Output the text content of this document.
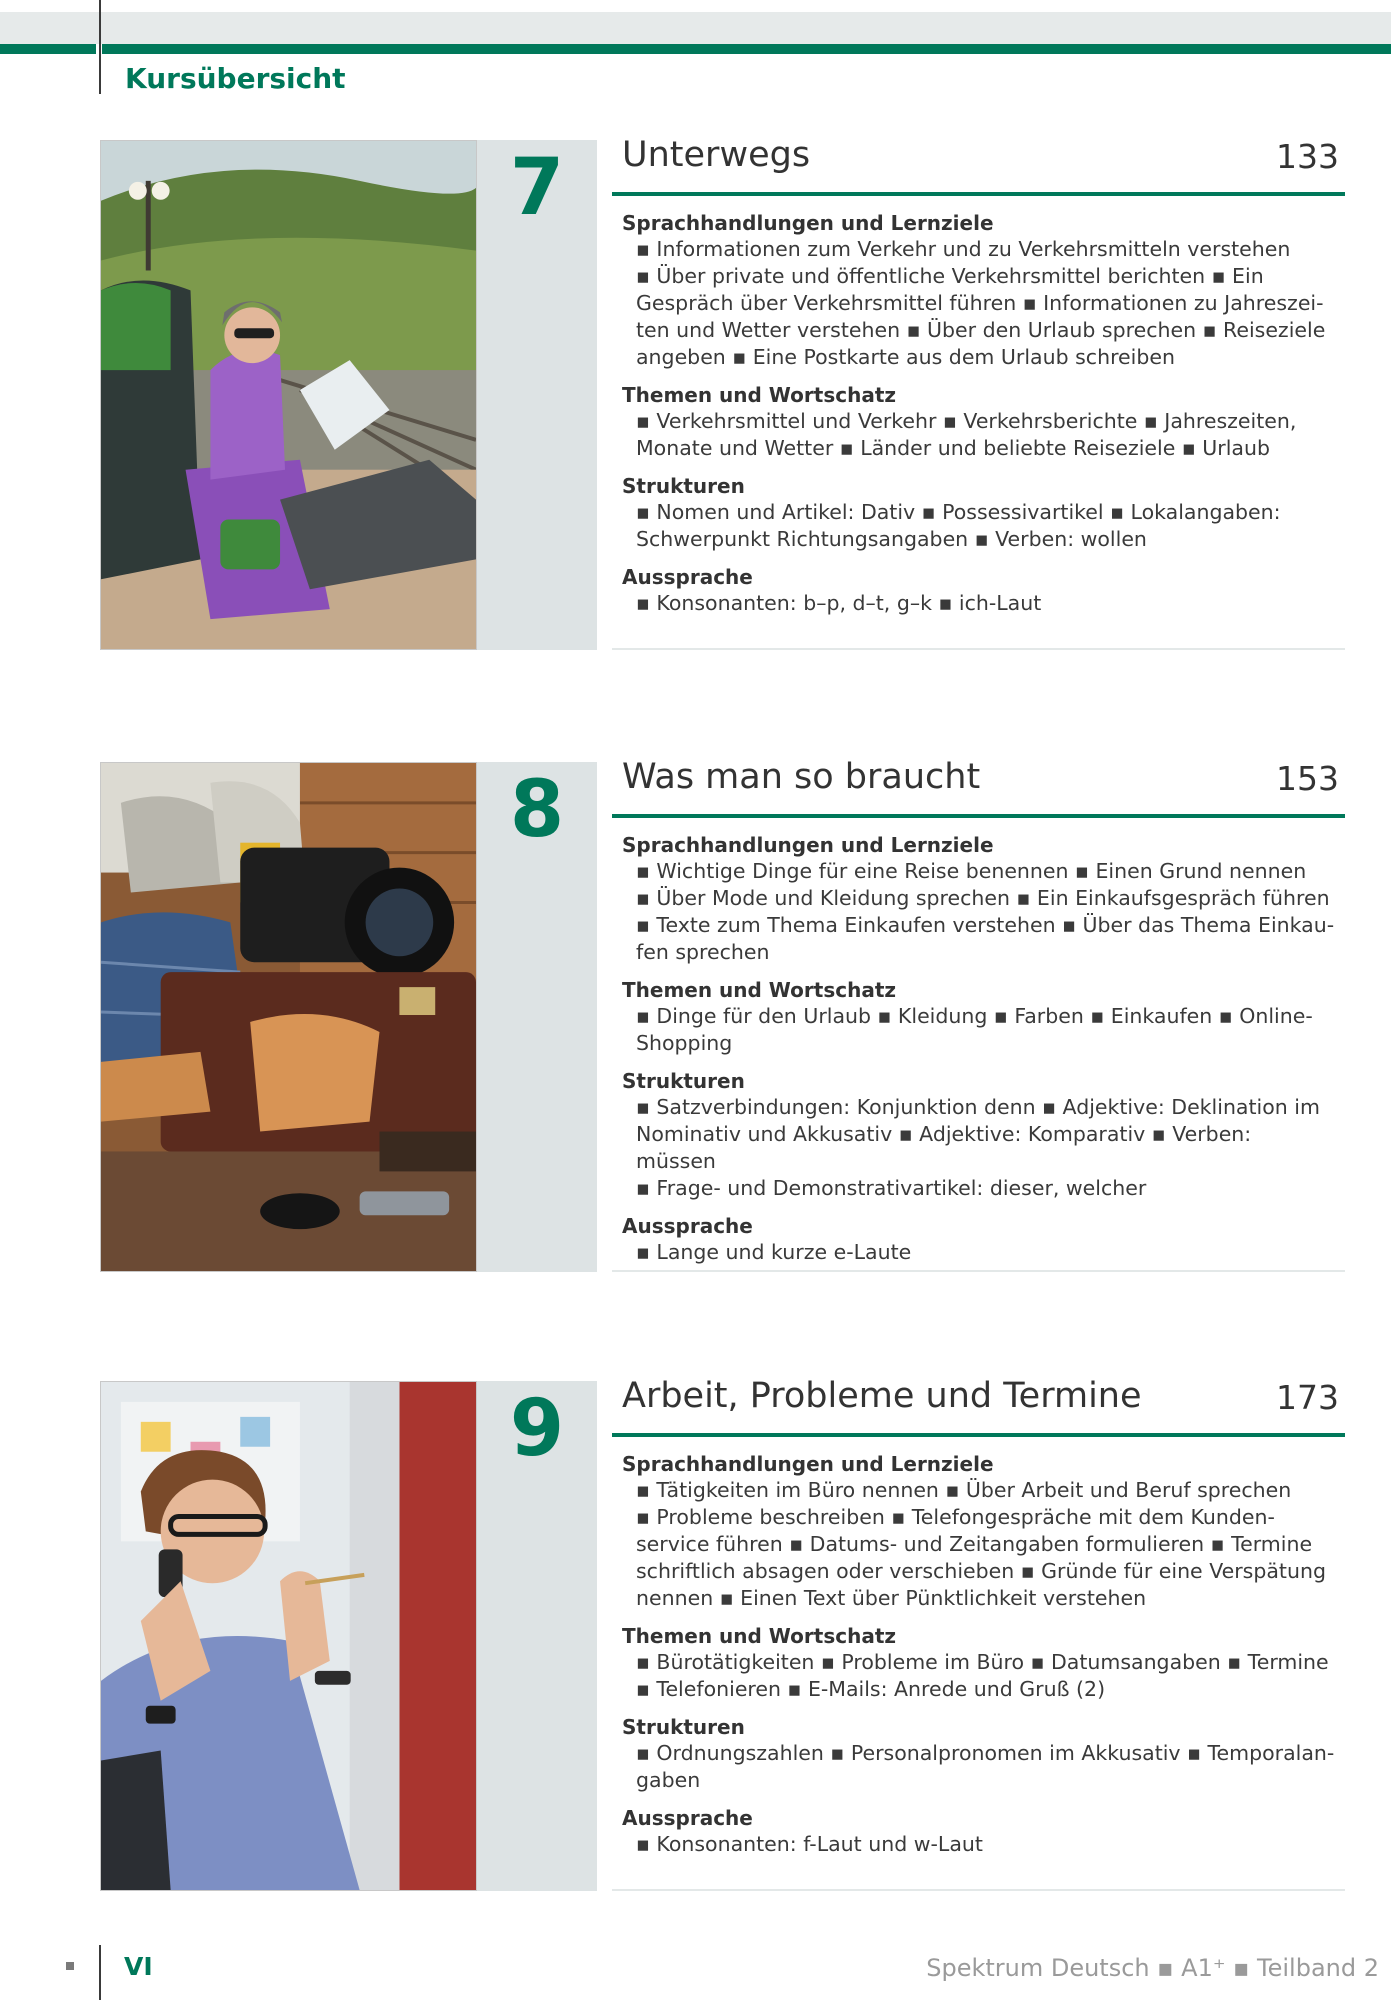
Kursübersicht
7	Unterwegs	133
Sprachhandlungen und Lernziele
▪ Informationen zum Verkehr und zu Verkehrsmitteln verstehen
▪ Über private und öffentliche Verkehrsmittel berichten ▪ Ein
Gespräch über Verkehrsmittel führen ▪ Informationen zu Jahreszei-
ten und Wetter verstehen ▪ Über den Urlaub sprechen ▪ Reiseziele
angeben ▪ Eine Postkarte aus dem Urlaub schreiben
Themen und Wortschatz
▪ Verkehrsmittel und Verkehr ▪ Verkehrsberichte ▪ Jahreszeiten,
Monate und Wetter ▪ Länder und beliebte Reiseziele ▪ Urlaub
Strukturen
▪ Nomen und Artikel: Dativ ▪ Possessivartikel ▪ Lokalangaben:
Schwerpunkt Richtungsangaben ▪ Verben: wollen
Aussprache
▪ Konsonanten: b–p, d–t, g–k ▪ ich-Laut
8	Was man so braucht	153
Sprachhandlungen und Lernziele
▪ Wichtige Dinge für eine Reise benennen ▪ Einen Grund nennen
▪ Über Mode und Kleidung sprechen ▪ Ein Einkaufsgespräch führen
▪ Texte zum Thema Einkaufen verstehen ▪ Über das Thema Einkau-
fen sprechen
Themen und Wortschatz
▪ Dinge für den Urlaub ▪ Kleidung ▪ Farben ▪ Einkaufen ▪ Online-
Shopping
Strukturen
▪ Satzverbindungen: Konjunktion denn ▪ Adjektive: Deklination im
Nominativ und Akkusativ ▪ Adjektive: Komparativ ▪ Verben: müssen
▪ Frage- und Demonstrativartikel: dieser, welcher
Aussprache
▪ Lange und kurze e-Laute
9	Arbeit, Probleme und Termine	173
Sprachhandlungen und Lernziele
▪ Tätigkeiten im Büro nennen ▪ Über Arbeit und Beruf sprechen
▪ Probleme beschreiben ▪ Telefongespräche mit dem Kunden-
service führen ▪ Datums- und Zeitangaben formulieren ▪ Termine
schriftlich absagen oder verschieben ▪ Gründe für eine Verspätung
nennen ▪ Einen Text über Pünktlichkeit verstehen
Themen und Wortschatz
▪ Bürotätigkeiten ▪ Probleme im Büro ▪ Datumsangaben ▪ Termine
▪ Telefonieren ▪ E-Mails: Anrede und Gruß (2)
Strukturen
▪ Ordnungszahlen ▪ Personalpronomen im Akkusativ ▪ Temporalan-
gaben
Aussprache
▪ Konsonanten: f-Laut und w-Laut
VI	Spektrum Deutsch ▪ A1⁺ ▪ Teilband 2
